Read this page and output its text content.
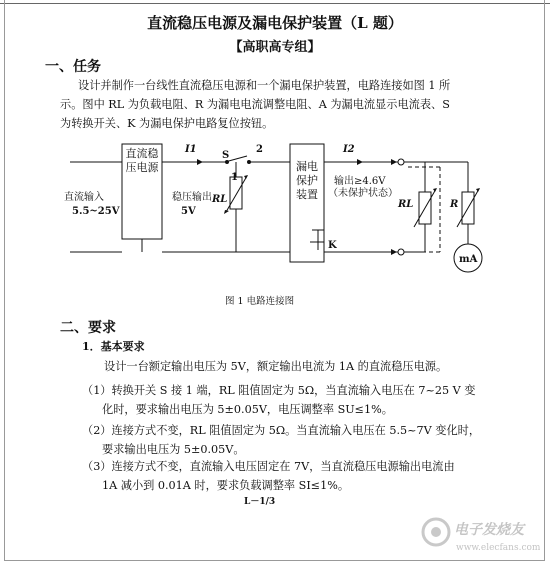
直流稳压电源及漏电保护装置（L 题）
【高职高专组】
一、任务
设计并制作一台线性直流稳压电源和一个漏电保护装置，电路连接如图 1 所
示。图中 RL 为负载电阻、R 为漏电电流调整电阻、A 为漏电流显示电流表、S
为转换开关、K 为漏电保护电路复位按钮。
直流输入
5.5~25V
稳压输出
5V
I1	I2
S
1
2
RL	RL	R
K
输出≥4.6V
（未保护状态）
mA
直流稳压电源	漏电保护装置
图 1 电路连接图
二、要求
1．基本要求
设计一台额定输出电压为 5V，额定输出电流为 1A 的直流稳压电源。
（1）转换开关 S 接 1 端，RL 阻值固定为 5Ω，当直流输入电压在 7~25 V 变
化时，要求输出电压为 5±0.05V，电压调整率 SU≤1%。
（2）连接方式不变，RL 阻值固定为 5Ω。当直流输入电压在 5.5~7V 变化时，
要求输出电压为 5±0.05V。
（3）连接方式不变，直流输入电压固定在 7V，当直流稳压电源输出电流由
1A 减小到 0.01A 时，要求负载调整率 SI≤1%。
L－1/3
电子发烧友
www.elecfans.com
